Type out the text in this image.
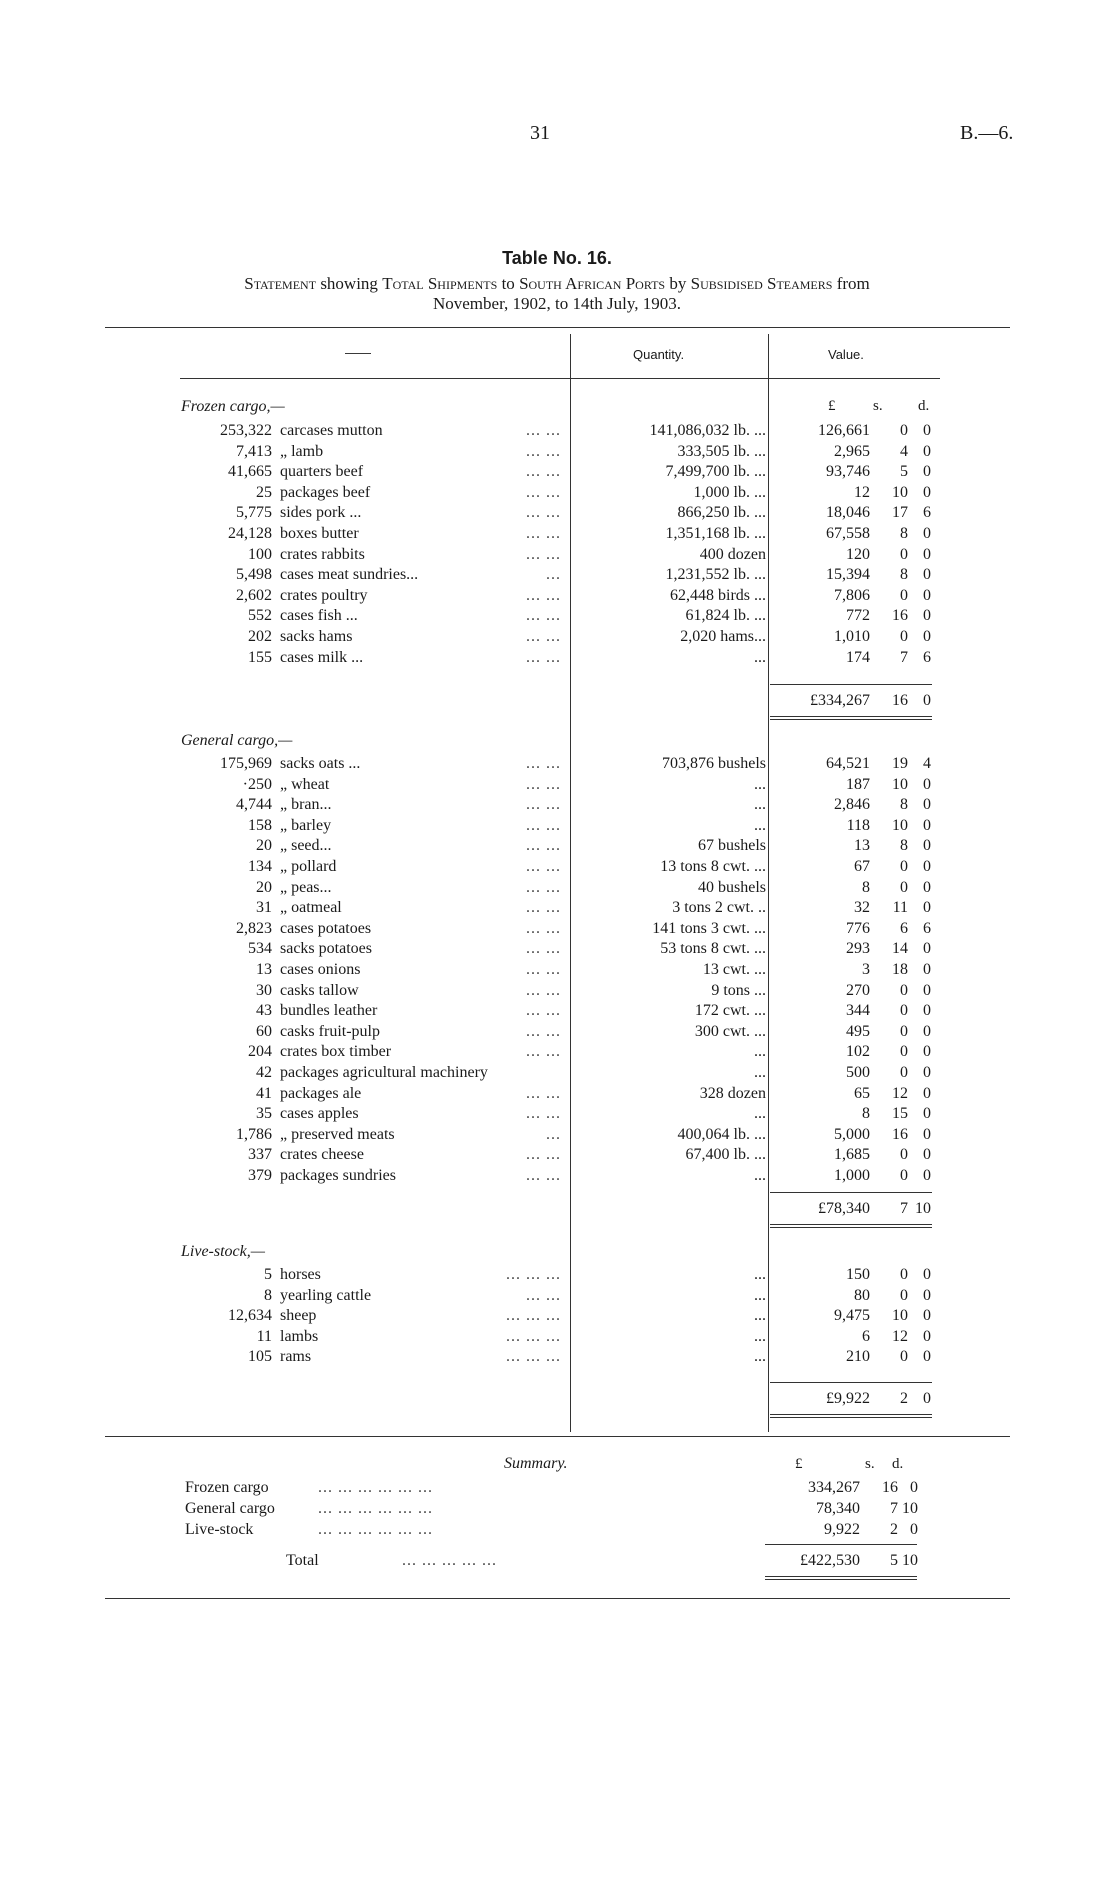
31	B.—6.
Table No. 16.
Statement showing Total Shipments to South African Ports by Subsidised Steamers from
November, 1902, to 14th July, 1903.
——	Quantity.	Value.
Frozen cargo,—	£	s. d.
253,322 carcases mutton	... ...	141,086,032 lb. ...	126,661 0 0
7,413 „ lamb	... ...	333,505 lb. ...	2,965 4 0
41,665 quarters beef	... ...	7,499,700 lb. ...	93,746 5 0
25 packages beef	... ...	1,000 lb. ...	12 10 0
5,775 sides pork ...	... ...	866,250 lb. ...	18,046 17 6
24,128 boxes butter	... ...	1,351,168 lb. ...	67,558 8 0
100 crates rabbits	... ...	400 dozen	120 0 0
5,498 cases meat sundries...	...	1,231,552 lb. ...	15,394 8 0
2,602 crates poultry	... ...	62,448 birds ...	7,806 0 0
552 cases fish ...	... ...	61,824 lb. ...	772 16 0
202 sacks hams	... ...	2,020 hams...	1,010 0 0
155 cases milk ...	... ...	...	174 7 6
£334,267 16 0
General cargo,—
175,969 sacks oats ...	... ...	703,876 bushels	64,521 19 4
·250 „ wheat	... ...	...	187 10 0
4,744 „ bran...	... ...	...	2,846 8 0
158 „ barley	... ...	...	118 10 0
20 „ seed...	... ...	67 bushels	13 8 0
134 „ pollard	... ...	13 tons 8 cwt. ...	67 0 0
20 „ peas...	... ...	40 bushels	8 0 0
31 „ oatmeal	... ...	3 tons 2 cwt. ..	32 11 0
2,823 cases potatoes	... ...	141 tons 3 cwt. ...	776 6 6
534 sacks potatoes	... ...	53 tons 8 cwt. ...	293 14 0
13 cases onions	... ...	13 cwt. ...	3 18 0
30 casks tallow	... ...	9 tons ...	270 0 0
43 bundles leather	... ...	172 cwt. ...	344 0 0
60 casks fruit-pulp	... ...	300 cwt. ...	495 0 0
204 crates box timber	... ...	...	102 0 0
42 packages agricultural machinery	...	500 0 0
41 packages ale	... ...	328 dozen	65 12 0
35 cases apples	... ...	...	8 15 0
1,786 „ preserved meats	...	400,064 lb. ...	5,000 16 0
337 crates cheese	... ...	67,400 lb. ...	1,685 0 0
379 packages sundries	... ...	...	1,000 0 0
£78,340 7 10
Live-stock,—
5 horses	... ... ...	...	150 0 0
8 yearling cattle	... ...	...	80 0 0
12,634 sheep	... ... ...	...	9,475 10 0
11 lambs	... ... ...	...	6 12 0
105 rams	... ... ...	...	210 0 0
£9,922 2 0
Summary.	£	s. d.
Frozen cargo	... ... ... ... ... ...	334,267 16 0
General cargo	... ... ... ... ... ...	78,340 7 10
Live-stock	... ... ... ... ... ...	9,922 2 0
Total	... ... ... ... ...	£422,530 5 10
